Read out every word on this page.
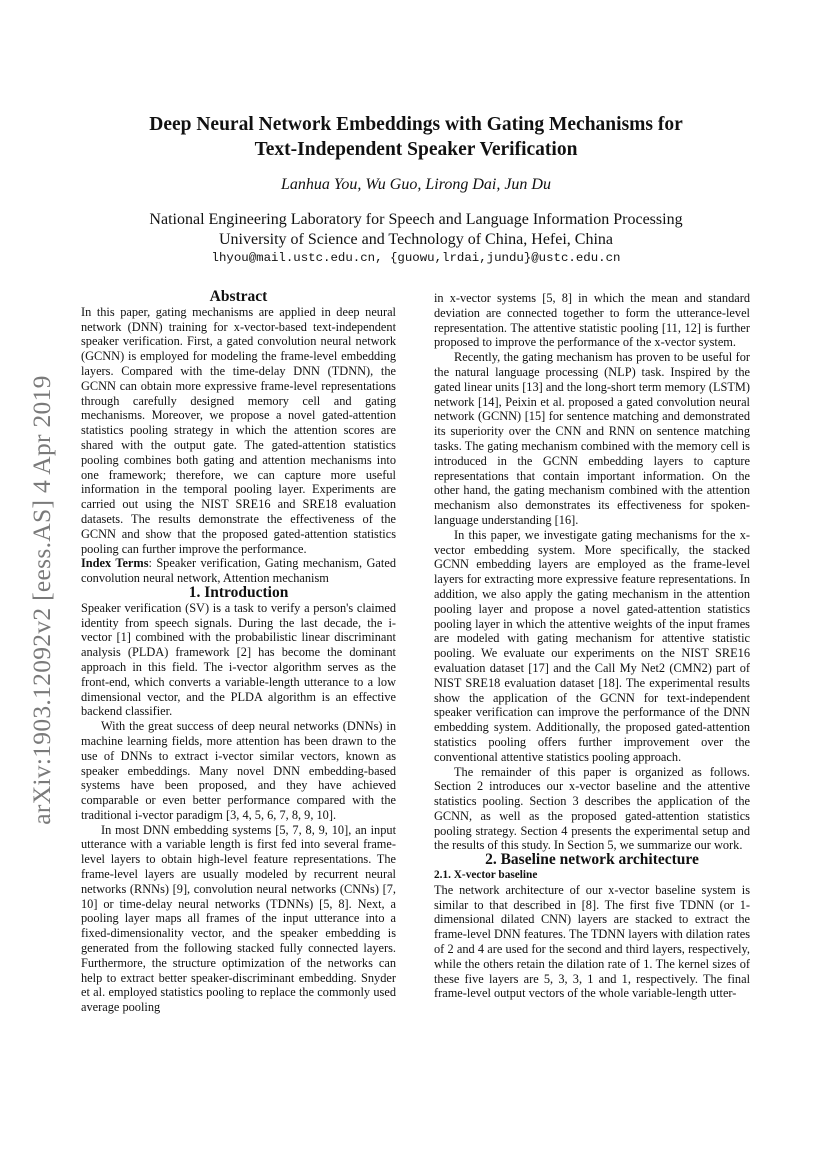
arXiv:1903.12092v2 [eess.AS] 4 Apr 2019
Deep Neural Network Embeddings with Gating Mechanisms for
Text-Independent Speaker Verification
Lanhua You, Wu Guo, Lirong Dai, Jun Du
National Engineering Laboratory for Speech and Language Information Processing
University of Science and Technology of China, Hefei, China
lhyou@mail.ustc.edu.cn, {guowu,lrdai,jundu}@ustc.edu.cn
Abstract

In this paper, gating mechanisms are applied in deep neural network (DNN) training for x-vector-based text-independent speaker verification. First, a gated convolution neural network (GCNN) is employed for modeling the frame-level embedding layers. Compared with the time-delay DNN (TDNN), the GCNN can obtain more expressive frame-level representations through carefully designed memory cell and gating mechanisms. Moreover, we propose a novel gated-attention statistics pooling strategy in which the attention scores are shared with the output gate. The gated-attention statistics pooling combines both gating and attention mechanisms into one framework; therefore, we can capture more useful information in the temporal pooling layer. Experiments are carried out using the NIST SRE16 and SRE18 evaluation datasets. The results demonstrate the effectiveness of the GCNN and show that the proposed gated-attention statistics pooling can further improve the performance.

Index Terms: Speaker verification, Gating mechanism, Gated convolution neural network, Attention mechanism

1. Introduction

Speaker verification (SV) is a task to verify a person's claimed identity from speech signals. During the last decade, the i-vector [1] combined with the probabilistic linear discriminant analysis (PLDA) framework [2] has become the dominant approach in this field. The i-vector algorithm serves as the front-end, which converts a variable-length utterance to a low dimensional vector, and the PLDA algorithm is an effective backend classifier.

With the great success of deep neural networks (DNNs) in machine learning fields, more attention has been drawn to the use of DNNs to extract i-vector similar vectors, known as speaker embeddings. Many novel DNN embedding-based systems have been proposed, and they have achieved comparable or even better performance compared with the traditional i-vector paradigm [3, 4, 5, 6, 7, 8, 9, 10].

In most DNN embedding systems [5, 7, 8, 9, 10], an input utterance with a variable length is first fed into several frame-level layers to obtain high-level feature representations. The frame-level layers are usually modeled by recurrent neural networks (RNNs) [9], convolution neural networks (CNNs) [7, 10] or time-delay neural networks (TDNNs) [5, 8]. Next, a pooling layer maps all frames of the input utterance into a fixed-dimensionality vector, and the speaker embedding is generated from the following stacked fully connected layers. Furthermore, the structure optimization of the networks can help to extract better speaker-discriminant embedding. Snyder et al. employed statistics pooling to replace the commonly used average pooling

in x-vector systems [5, 8] in which the mean and standard deviation are connected together to form the utterance-level representation. The attentive statistic pooling [11, 12] is further proposed to improve the performance of the x-vector system.

Recently, the gating mechanism has proven to be useful for the natural language processing (NLP) task. Inspired by the gated linear units [13] and the long-short term memory (LSTM) network [14], Peixin et al. proposed a gated convolution neural network (GCNN) [15] for sentence matching and demonstrated its superiority over the CNN and RNN on sentence matching tasks. The gating mechanism combined with the memory cell is introduced in the GCNN embedding layers to capture representations that contain important information. On the other hand, the gating mechanism combined with the attention mechanism also demonstrates its effectiveness for spoken-language understanding [16].

In this paper, we investigate gating mechanisms for the x-vector embedding system. More specifically, the stacked GCNN embedding layers are employed as the frame-level layers for extracting more expressive feature representations. In addition, we also apply the gating mechanism in the attention pooling layer and propose a novel gated-attention statistics pooling layer in which the attentive weights of the input frames are modeled with gating mechanism for attentive statistic pooling. We evaluate our experiments on the NIST SRE16 evaluation dataset [17] and the Call My Net2 (CMN2) part of NIST SRE18 evaluation dataset [18]. The experimental results show the application of the GCNN for text-independent speaker verification can improve the performance of the DNN embedding system. Additionally, the proposed gated-attention statistics pooling offers further improvement over the conventional attentive statistics pooling approach.

The remainder of this paper is organized as follows. Section 2 introduces our x-vector baseline and the attentive statistics pooling. Section 3 describes the application of the GCNN, as well as the proposed gated-attention statistics pooling strategy. Section 4 presents the experimental setup and the results of this study. In Section 5, we summarize our work.

2. Baseline network architecture
2.1. X-vector baseline

The network architecture of our x-vector baseline system is similar to that described in [8]. The first five TDNN (or 1-dimensional dilated CNN) layers are stacked to extract the frame-level DNN features. The TDNN layers with dilation rates of 2 and 4 are used for the second and third layers, respectively, while the others retain the dilation rate of 1. The kernel sizes of these five layers are 5, 3, 3, 1 and 1, respectively. The final frame-level output vectors of the whole variable-length utter-
